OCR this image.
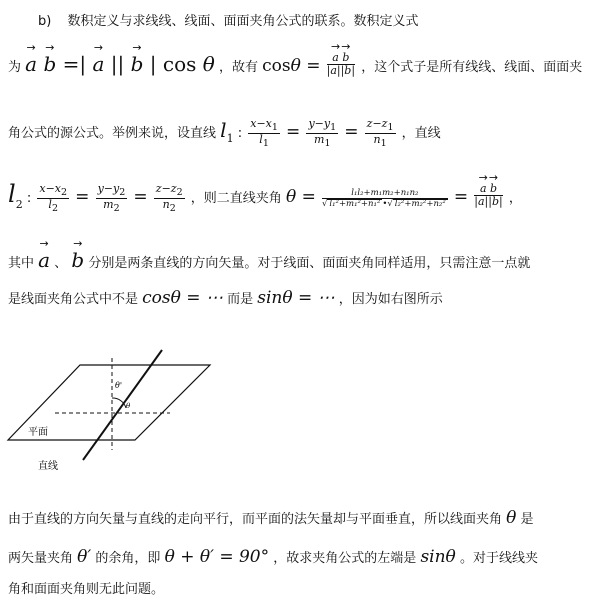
b) 数积定义与求线线、线面、面面夹角公式的联系。数积定义式
为 → a → b =| → a || → b | cos θ ，故有 cosθ = → $\frac{a \to b}{|a||b|}$ ，这个式子是所有线线、线面、面面夹
角公式的源公式。举例来说，设直线 $l_1$ : $\frac{x-x_1}{l_1} = \frac{y-y_1}{m_1} = \frac{z-z_1}{n_1}$ ，直线
$l_2$ : $\frac{x-x_2}{l_2} = \frac{y-y_2}{m_2} = \frac{z-z_2}{n_2}$ ，则二直线夹角 $\theta = \frac{\text{l₁l₂+m₁m₂+n₁n₂}}{\text{√ l₁²+m₁²+n₁² •√ l₂²+m₂²+n₂²}}$ = → $\frac{a \to b}{|a||b|}$ ，
其中 → a 、 → b 分别是两条直线的方向矢量。对于线面、面面夹角同样适用，只需注意一点就
是线面夹角公式中不是 cosθ = ⋯ 而是 sinθ = ⋯ ，因为如右图所示
θ'
θ
平面
直线
由于直线的方向矢量与直线的走向平行，而平面的法矢量却与平面垂直，所以线面夹角 θ 是
两矢量夹角 θ′ 的余角，即 θ + θ′ = 90° ，故求夹角公式的左端是 sinθ 。对于线线夹
角和面面夹角则无此问题。
